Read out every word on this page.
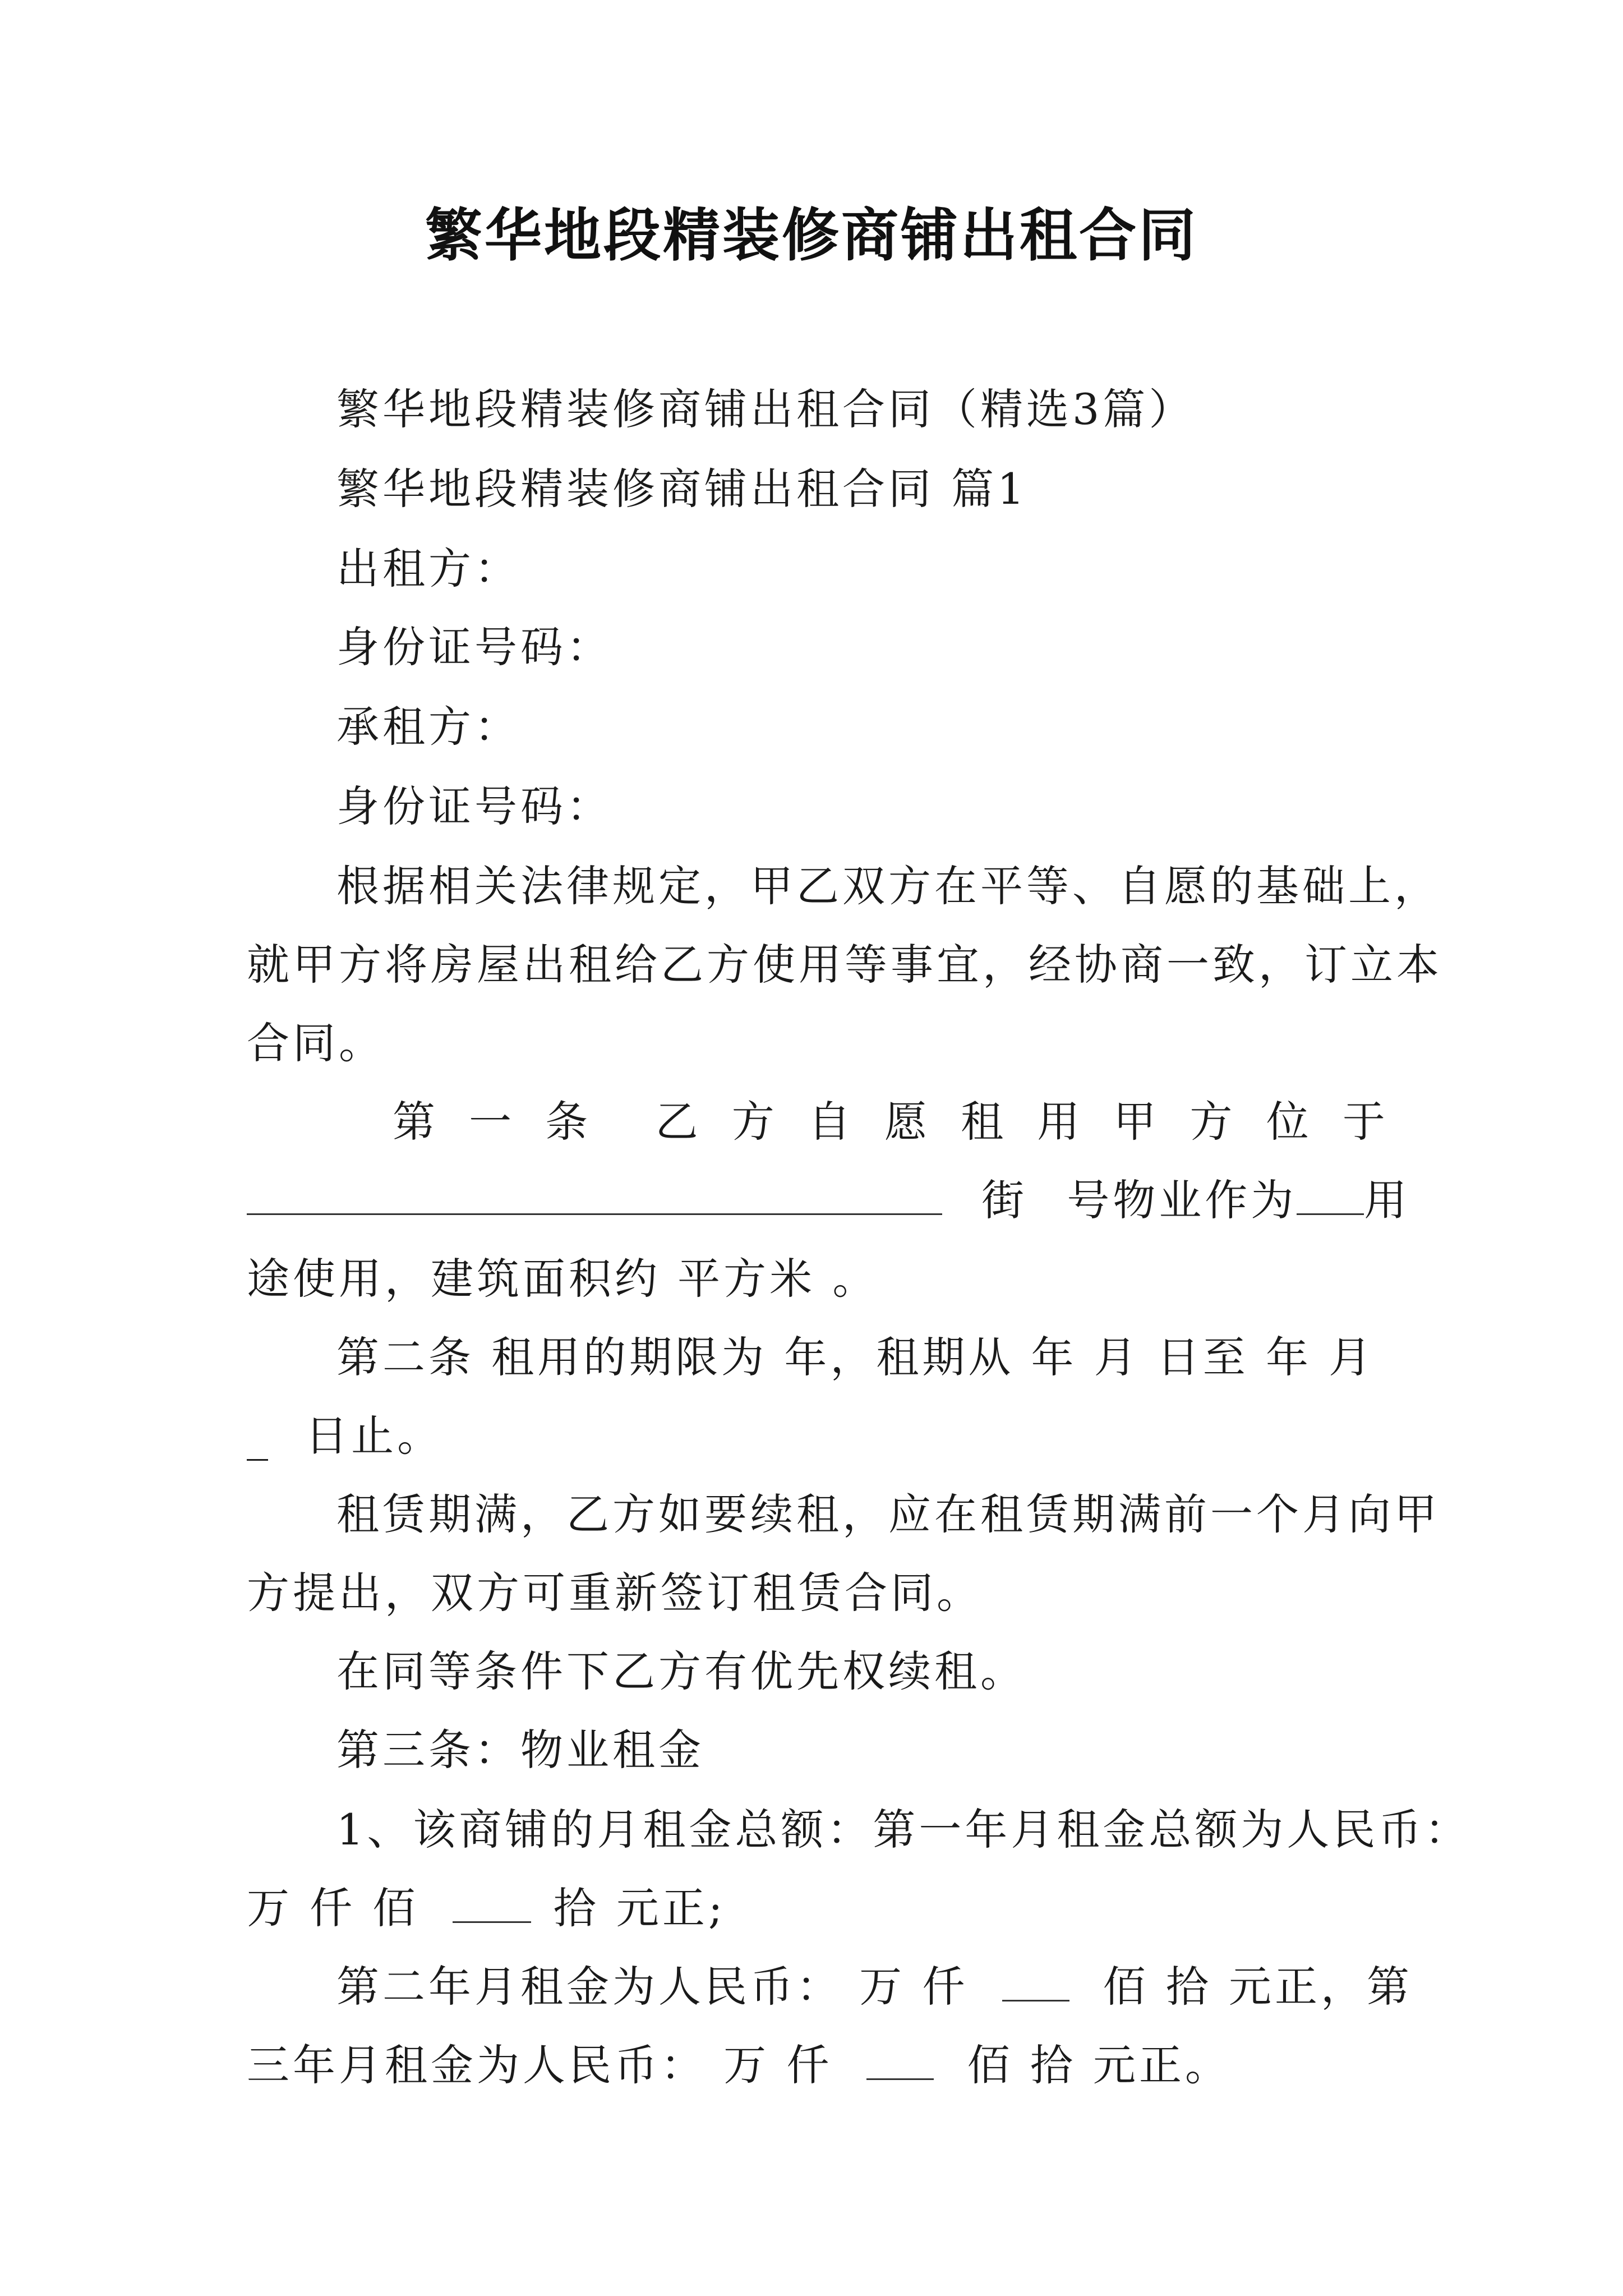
繁华地段精装修商铺出租合同
繁华地段精装修商铺出租合同（精选3篇）
繁华地段精装修商铺出租合同 篇1
出租方：
身份证号码：
承租方：
身份证号码：
根据相关法律规定，甲乙双方在平等、自愿的基础上，
就甲方将房屋出租给乙方使用等事宜，经协商一致，订立本
合同。
第 一 条 乙 方 自 愿 租 用 甲 方 位 于
街 号物业作为 用
途使用，建筑面积约 平方米 。
第二条 租用的期限为 年，租期从 年 月 日至 年 月
_ 日止。
租赁期满，乙方如要续租，应在租赁期满前一个月向甲
方提出，双方可重新签订租赁合同。
在同等条件下乙方有优先权续租。
第三条：物业租金
1、该商铺的月租金总额：第一年月租金总额为人民币：
万 仟 佰	拾 元正;
第二年月租金为人民币： 万 仟	佰 拾 元正，第
三年月租金为人民币： 万 仟	佰 拾 元正。
